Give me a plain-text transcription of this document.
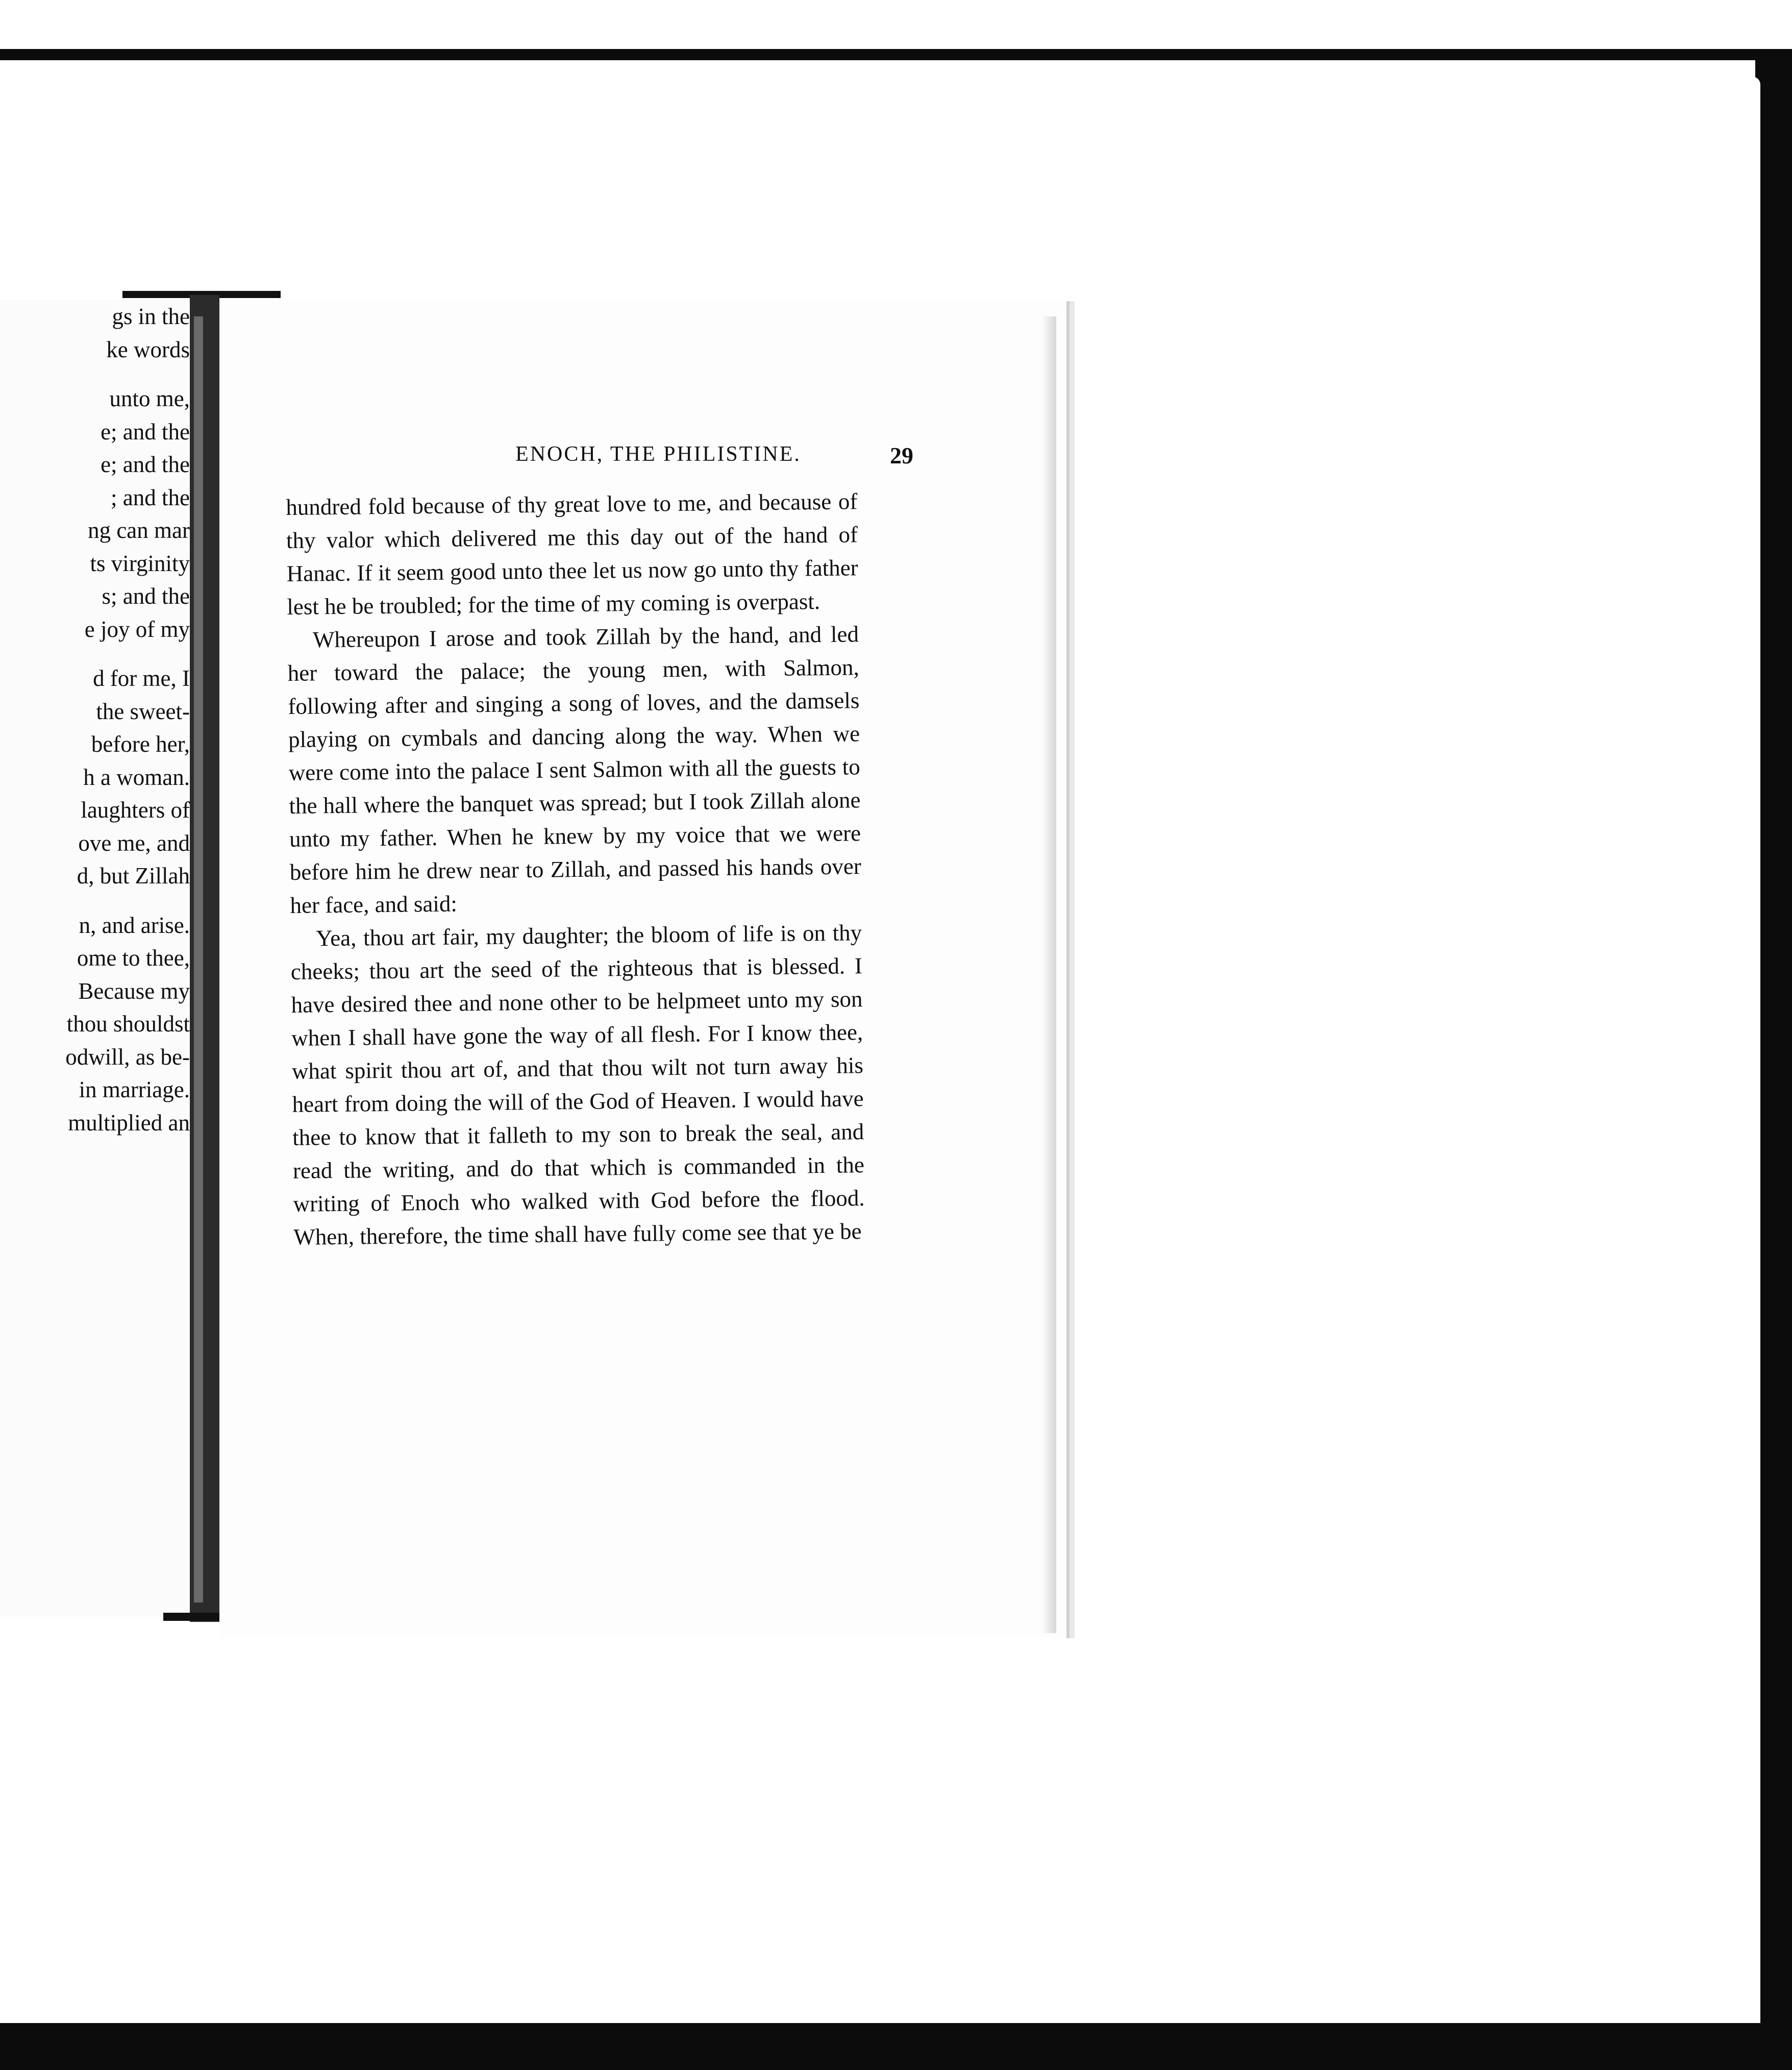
gs in the
ke words
unto me,
e; and the
e; and the
; and the
ng can mar
ts virginity
s; and the
e joy of my
d for me, I
the sweet-
before her,
h a woman.
laughters of
ove me, and
d, but Zillah
n, and arise.
ome to thee,
Because my
thou shouldst
odwill, as be-
in marriage.
multiplied an
ENOCH, THE PHILISTINE.	29

hundred fold because of thy great love to me, and because of thy valor which delivered me this day out of the hand of Hanac. If it seem good unto thee let us now go unto thy father lest he be troubled; for the time of my coming is overpast.

Whereupon I arose and took Zillah by the hand, and led her toward the palace; the young men, with Salmon, following after and singing a song of loves, and the damsels playing on cymbals and dancing along the way. When we were come into the palace I sent Salmon with all the guests to the hall where the banquet was spread; but I took Zillah alone unto my father. When he knew by my voice that we were before him he drew near to Zillah, and passed his hands over her face, and said:

Yea, thou art fair, my daughter; the bloom of life is on thy cheeks; thou art the seed of the righteous that is blessed. I have desired thee and none other to be helpmeet unto my son when I shall have gone the way of all flesh. For I know thee, what spirit thou art of, and that thou wilt not turn away his heart from doing the will of the God of Heaven. I would have thee to know that it falleth to my son to break the seal, and read the writing, and do that which is commanded in the writing of Enoch who walked with God before the flood. When, therefore, the time shall have fully come see that ye be
